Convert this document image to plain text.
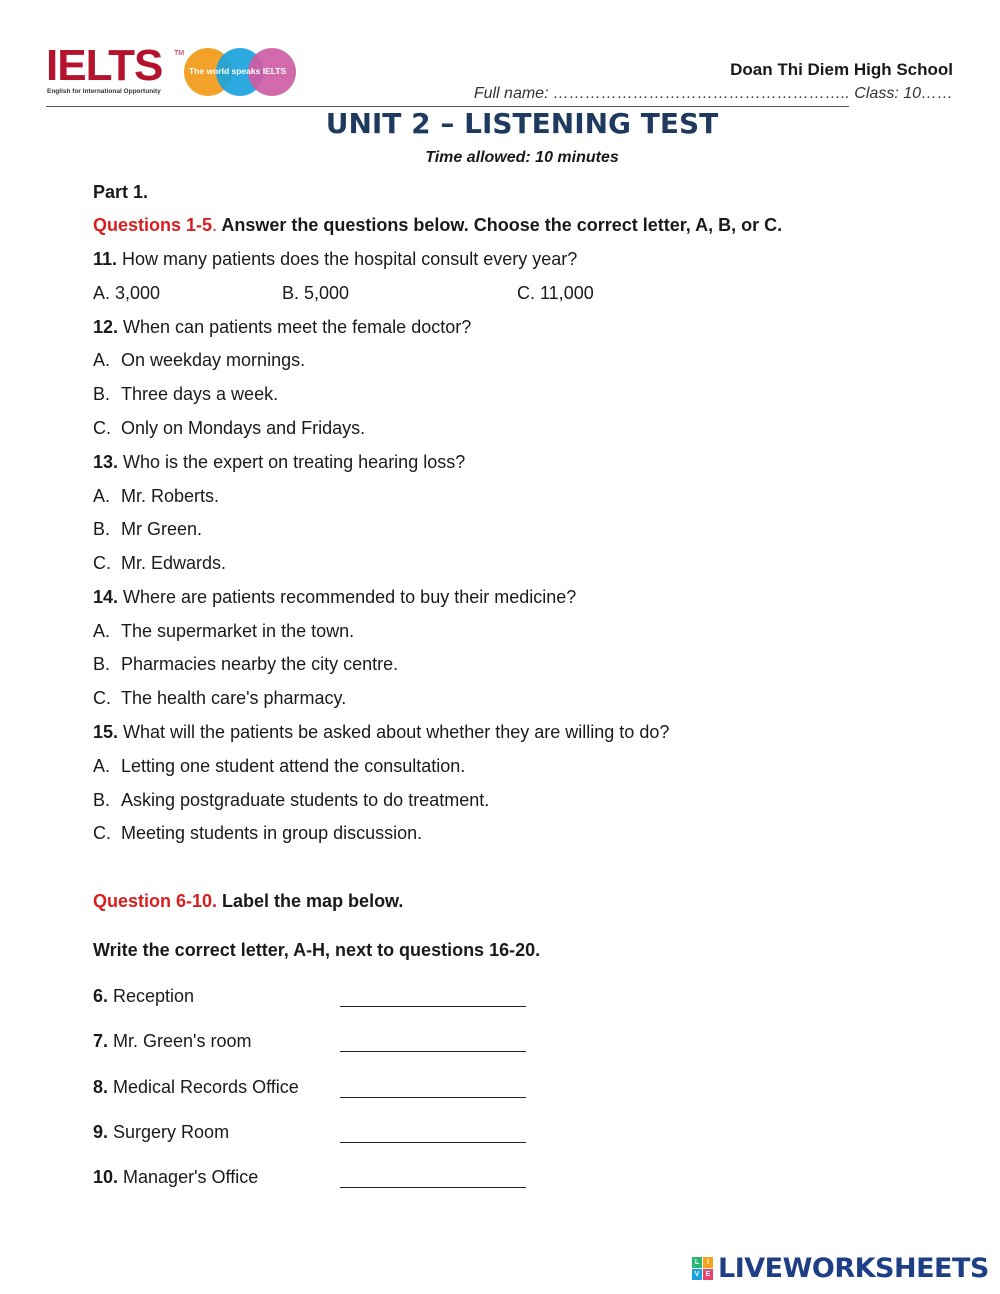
IELTS TM
English for International Opportunity
The world speaks IELTS	Doan Thi Diem High School
Full name: ……………………………………………….. Class: 10……
UNIT 2 – LISTENING TEST
Time allowed: 10 minutes
Part 1.
Questions 1-5. Answer the questions below. Choose the correct letter, A, B, or C.
11. How many patients does the hospital consult every year?
A. 3,000	B. 5,000	C. 11,000
12. When can patients meet the female doctor?
A. On weekday mornings.
B. Three days a week.
C. Only on Mondays and Fridays.
13. Who is the expert on treating hearing loss?
A. Mr. Roberts.
B. Mr Green.
C. Mr. Edwards.
14. Where are patients recommended to buy their medicine?
A. The supermarket in the town.
B. Pharmacies nearby the city centre.
C. The health care's pharmacy.
15. What will the patients be asked about whether they are willing to do?
A. Letting one student attend the consultation.
B. Asking postgraduate students to do treatment.
C. Meeting students in group discussion.
Question 6-10. Label the map below.
Write the correct letter, A-H, next to questions 16-20.
6. Reception
7. Mr. Green's room
8. Medical Records Office
9. Surgery Room
10. Manager's Office
L	I
V E LIVEWORKSHEETS
